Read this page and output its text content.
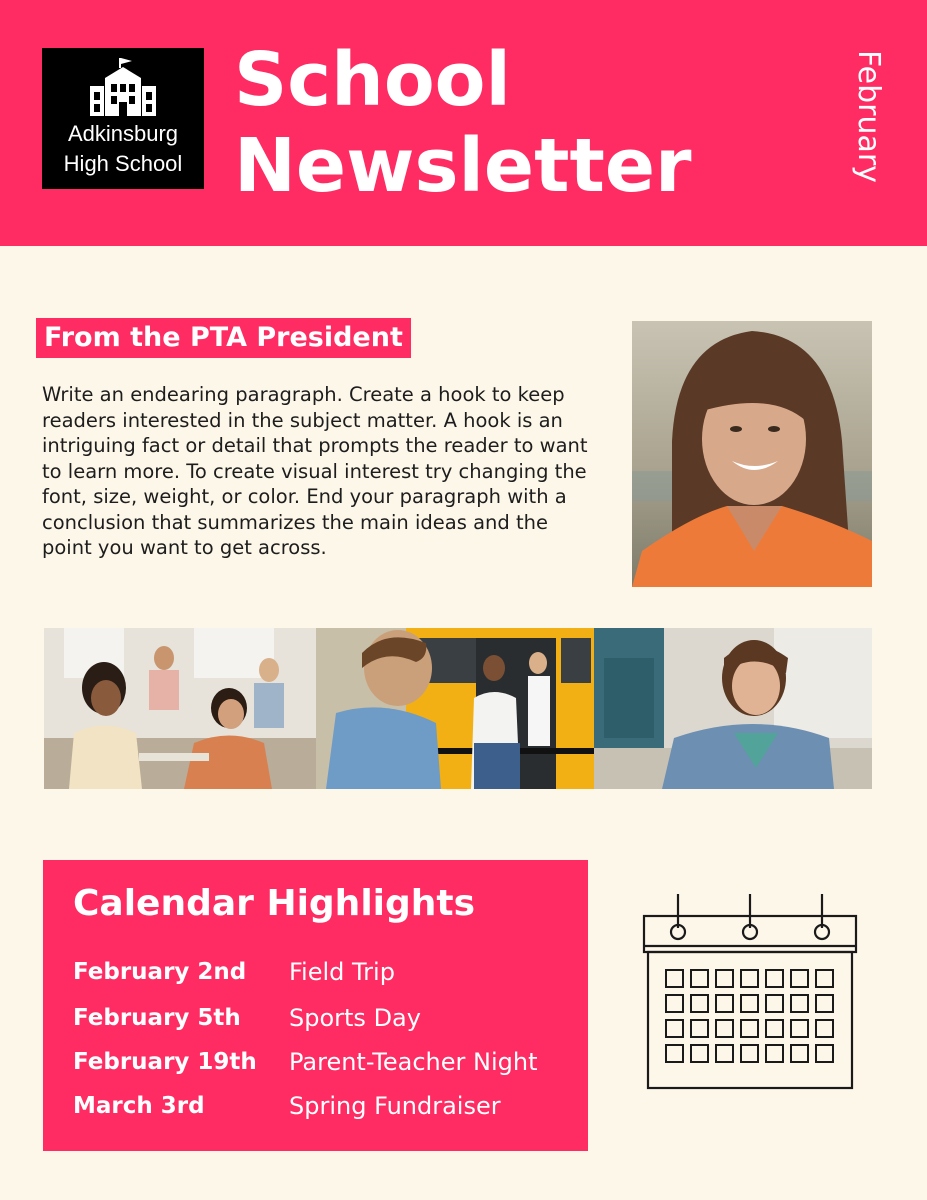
Adkinsburg
High School
School
Newsletter	February
From the PTA President
Write an endearing paragraph. Create a hook to keep readers interested in the subject matter. A hook is an intriguing fact or detail that prompts the reader to want to learn more. To create visual interest try changing the font, size, weight, or color. End your paragraph with a conclusion that summarizes the main ideas and the point you want to get across.
Calendar Highlights
February 2nd Field Trip
February 5th Sports Day
February 19th Parent-Teacher Night
March 3rd	Spring Fundraiser
